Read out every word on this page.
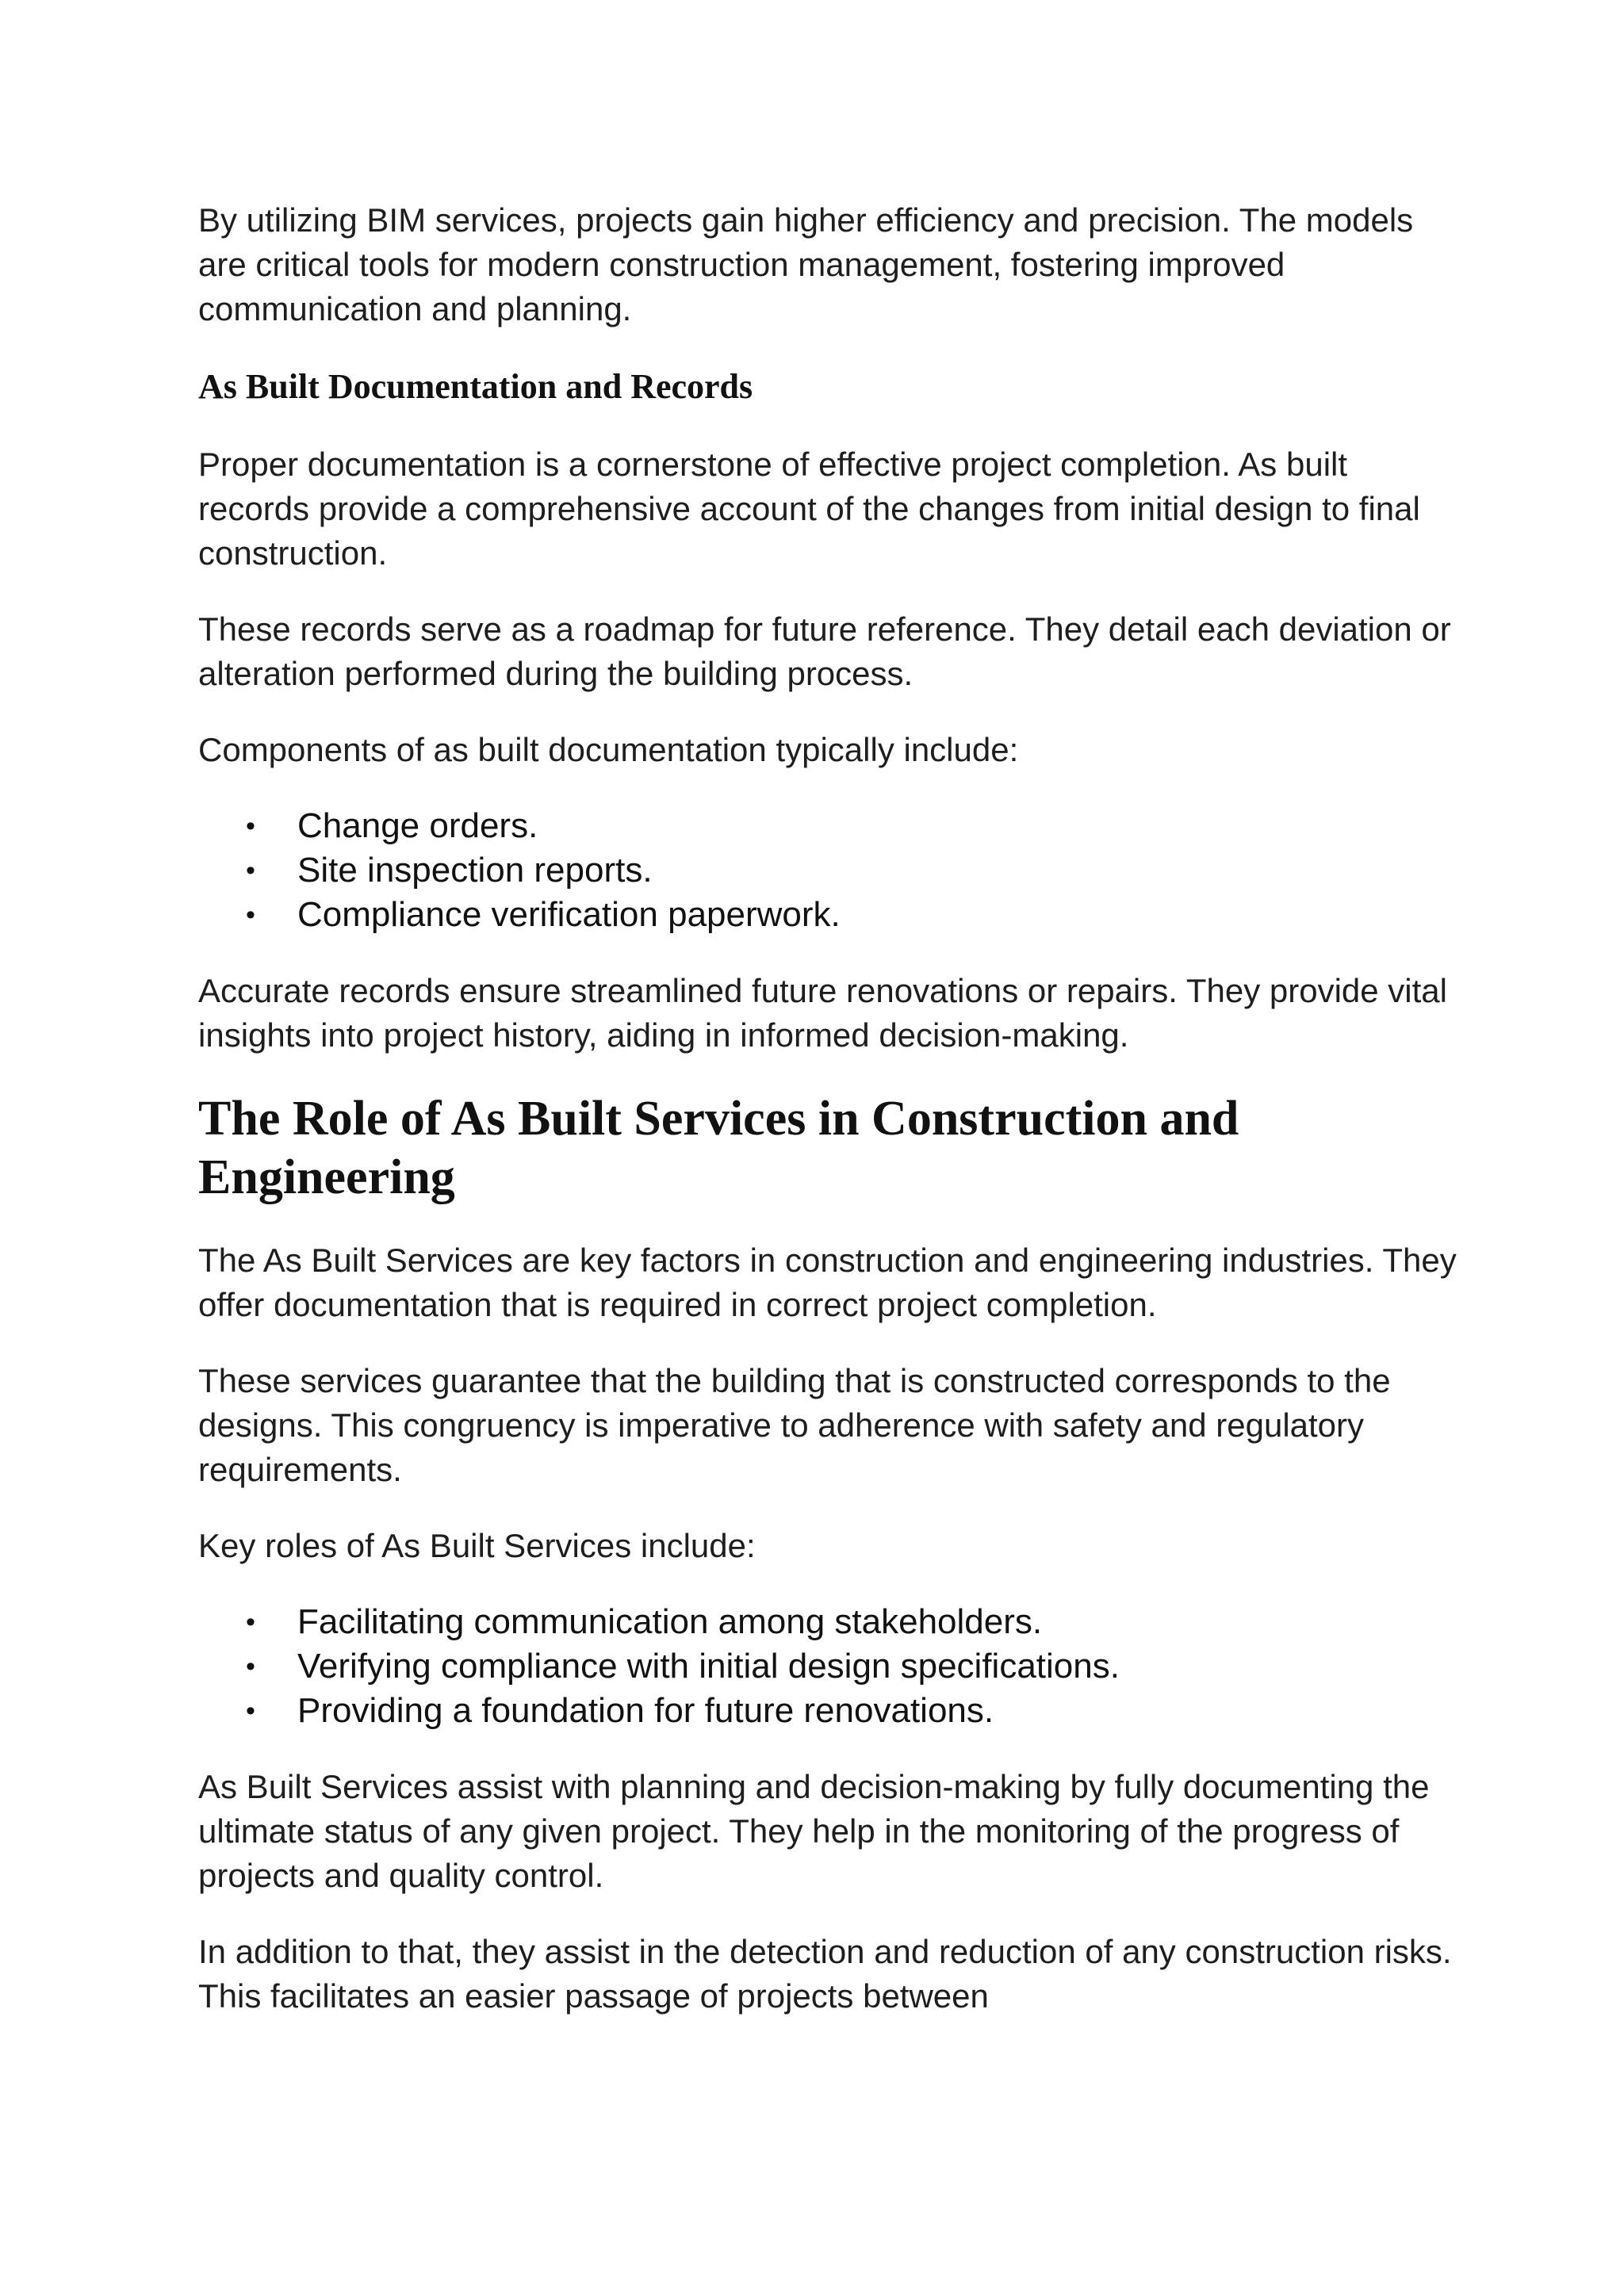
By utilizing BIM services, projects gain higher efficiency and precision. The models are critical tools for modern construction management, fostering improved communication and planning.

As Built Documentation and Records

Proper documentation is a cornerstone of effective project completion. As built records provide a comprehensive account of the changes from initial design to final construction.

These records serve as a roadmap for future reference. They detail each deviation or alteration performed during the building process.

Components of as built documentation typically include:

• Change orders.
• Site inspection reports.
• Compliance verification paperwork.

Accurate records ensure streamlined future renovations or repairs. They provide vital insights into project history, aiding in informed decision-making.

The Role of As Built Services in Construction and Engineering

The As Built Services are key factors in construction and engineering industries. They offer documentation that is required in correct project completion.

These services guarantee that the building that is constructed corresponds to the designs. This congruency is imperative to adherence with safety and regulatory requirements.

Key roles of As Built Services include:

• Facilitating communication among stakeholders.
• Verifying compliance with initial design specifications.
• Providing a foundation for future renovations.

As Built Services assist with planning and decision-making by fully documenting the ultimate status of any given project. They help in the monitoring of the progress of projects and quality control.

In addition to that, they assist in the detection and reduction of any construction risks. This facilitates an easier passage of projects between
